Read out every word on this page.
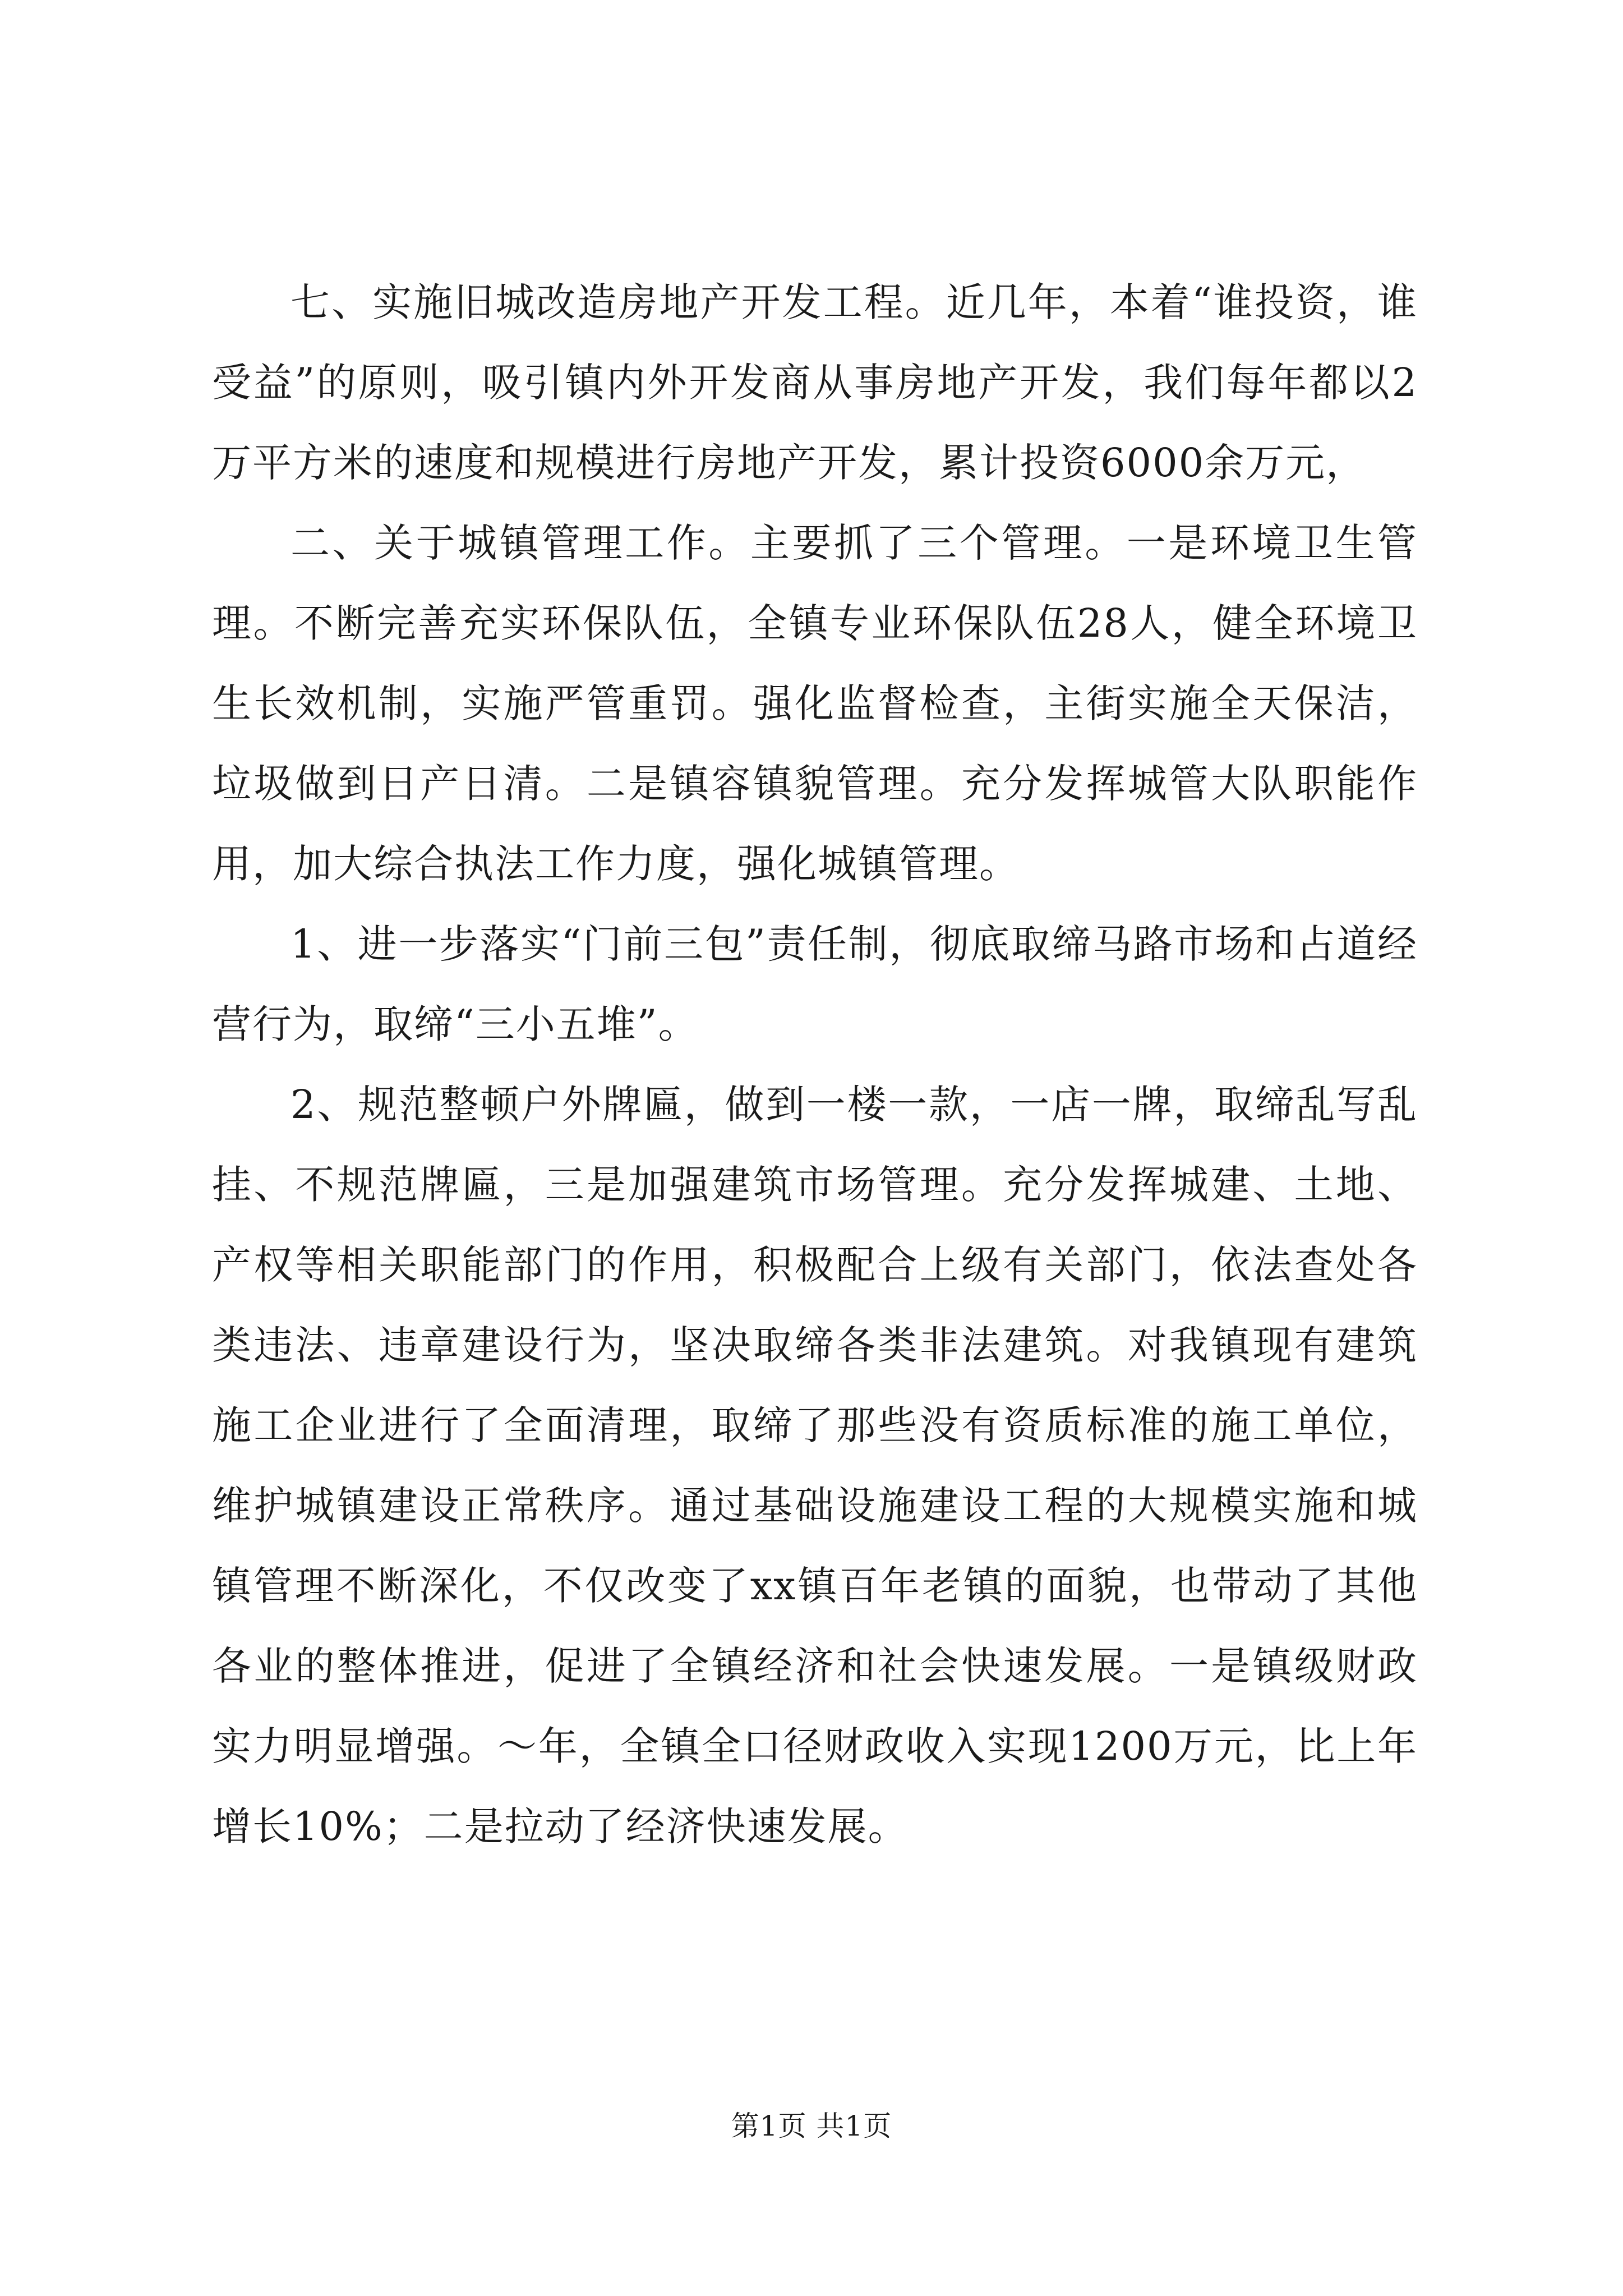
七、实施旧城改造房地产开发工程。近几年，本着“谁投资，谁受益”的原则，吸引镇内外开发商从事房地产开发，我们每年都以2万平方米的速度和规模进行房地产开发，累计投资6000余万元，

二、关于城镇管理工作。主要抓了三个管理。一是环境卫生管理。不断完善充实环保队伍，全镇专业环保队伍28人，健全环境卫生长效机制，实施严管重罚。强化监督检查，主街实施全天保洁，垃圾做到日产日清。二是镇容镇貌管理。充分发挥城管大队职能作用，加大综合执法工作力度，强化城镇管理。

1、进一步落实“门前三包”责任制，彻底取缔马路市场和占道经营行为，取缔“三小五堆”。

2、规范整顿户外牌匾，做到一楼一款，一店一牌，取缔乱写乱挂、不规范牌匾，三是加强建筑市场管理。充分发挥城建、土地、产权等相关职能部门的作用，积极配合上级有关部门，依法查处各类违法、违章建设行为，坚决取缔各类非法建筑。对我镇现有建筑施工企业进行了全面清理，取缔了那些没有资质标准的施工单位，维护城镇建设正常秩序。通过基础设施建设工程的大规模实施和城镇管理不断深化，不仅改变了xx镇百年老镇的面貌，也带动了其他各业的整体推进，促进了全镇经济和社会快速发展。一是镇级财政实力明显增强。～年，全镇全口径财政收入实现1200万元，比上年增长10%；二是拉动了经济快速发展。

第1页 共1页
